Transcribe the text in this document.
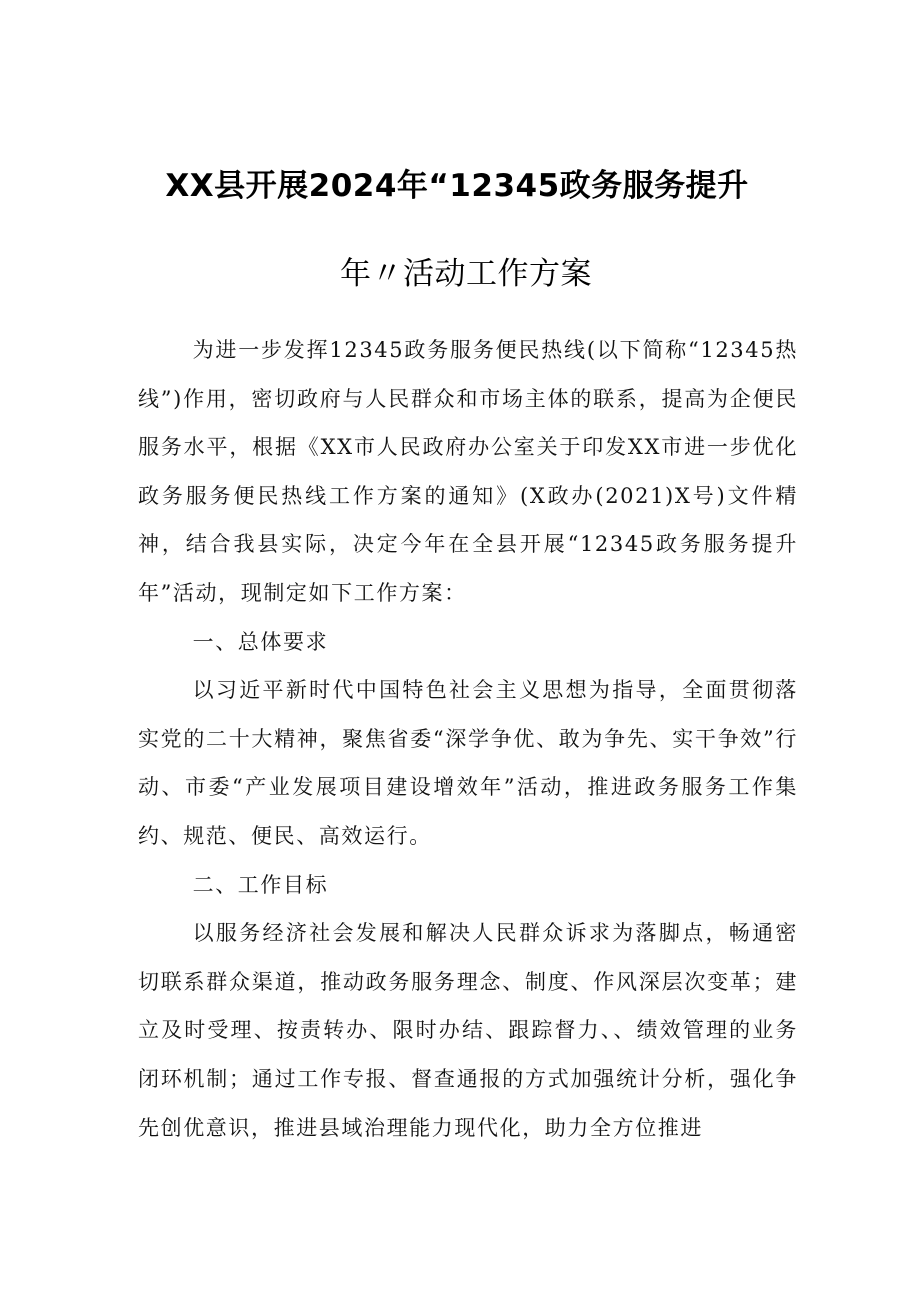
XX县开展2024年“12345政务服务提升
年〃活动工作方案

为进一步发挥12345政务服务便民热线(以下简称“12345热线”)作用，密切政府与人民群众和市场主体的联系，提高为企便民服务水平，根据《XX市人民政府办公室关于印发XX市进一步优化政务服务便民热线工作方案的通知》(X政办(2021)X号)文件精神，结合我县实际，决定今年在全县开展“12345政务服务提升年”活动，现制定如下工作方案：

一、总体要求

以习近平新时代中国特色社会主义思想为指导，全面贯彻落实党的二十大精神，聚焦省委“深学争优、敢为争先、实干争效”行动、市委“产业发展项目建设增效年”活动，推进政务服务工作集约、规范、便民、高效运行。

二、工作目标

以服务经济社会发展和解决人民群众诉求为落脚点，畅通密切联系群众渠道，推动政务服务理念、制度、作风深层次变革；建立及时受理、按责转办、限时办结、跟踪督力、、绩效管理的业务闭环机制；通过工作专报、督查通报的方式加强统计分析，强化争先创优意识，推进县域治理能力现代化，助力全方位推进
